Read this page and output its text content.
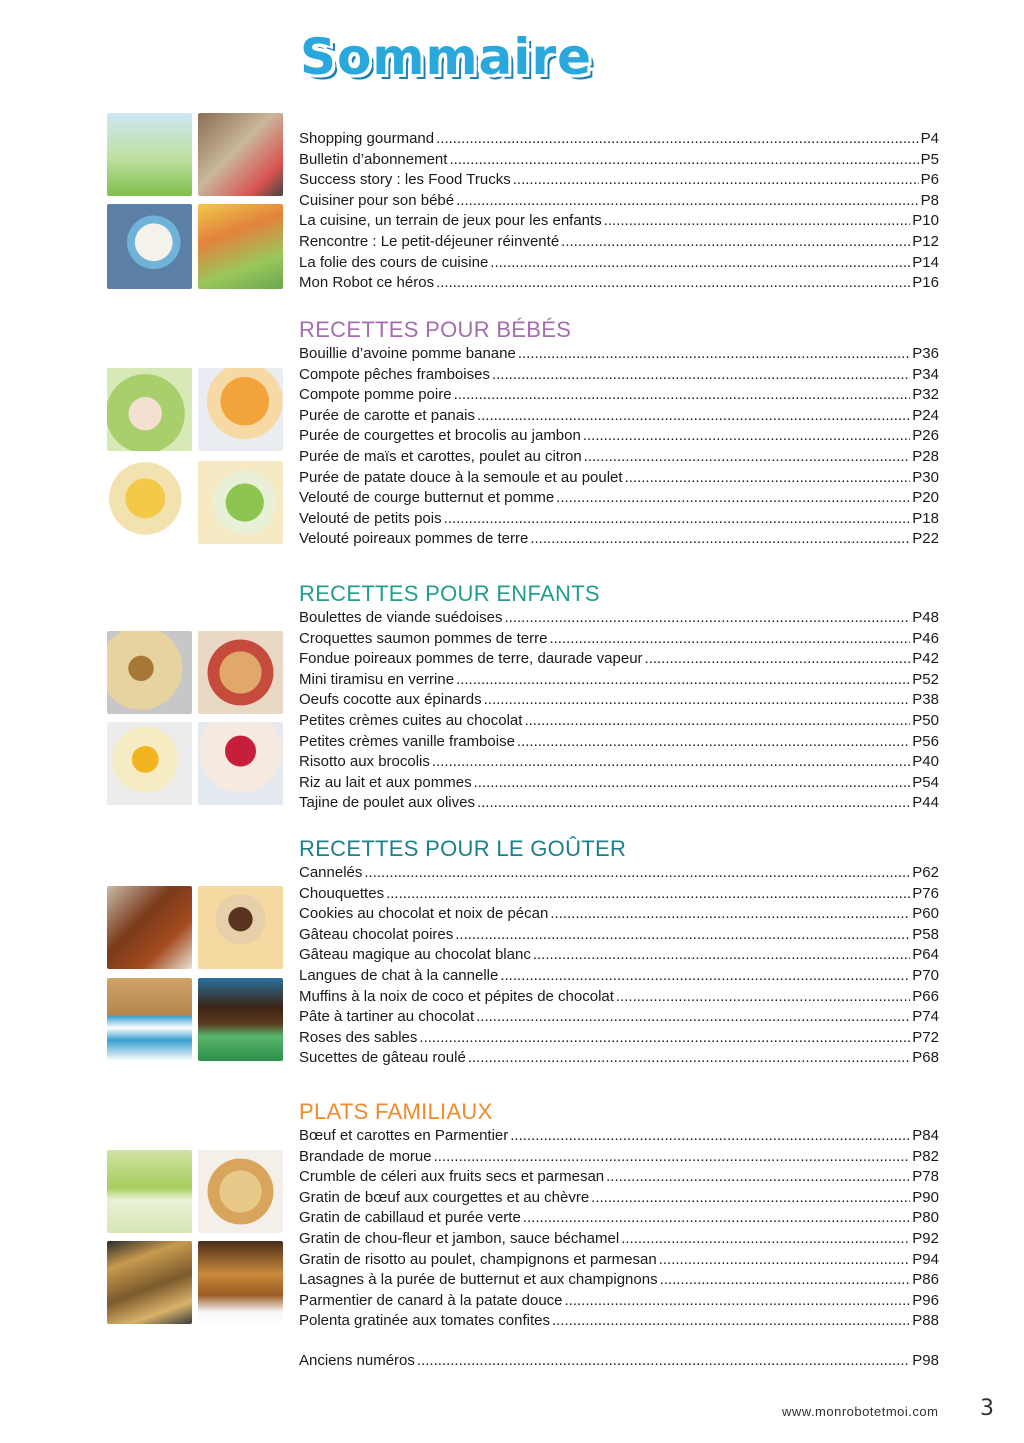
Sommaire
Shopping gourmand .....	P4
Bulletin d’abonnement .....	P5
Success story : les Food Trucks .....	P6
Cuisiner pour son bébé .....	P8
La cuisine, un terrain de jeux pour les enfants .....	P10
Rencontre : Le petit-déjeuner réinventé .....	P12
La folie des cours de cuisine .....	P14
Mon Robot ce héros .....	P16
RECETTES POUR BÉBÉS
Bouillie d’avoine pomme banane .....	P36
Compote pêches framboises .....	P34
Compote pomme poire .....	P32
Purée de carotte et panais .....	P24
Purée de courgettes et brocolis au jambon .....	P26
Purée de maïs et carottes, poulet au citron .....	P28
Purée de patate douce à la semoule et au poulet .....	P30
Velouté de courge butternut et pomme .....	P20
Velouté de petits pois .....	P18
Velouté poireaux pommes de terre .....	P22
RECETTES POUR ENFANTS
Boulettes de viande suédoises .....	P48
Croquettes saumon pommes de terre .....	P46
Fondue poireaux pommes de terre, daurade vapeur .....	P42
Mini tiramisu en verrine .....	P52
Oeufs cocotte aux épinards .....	P38
Petites crèmes cuites au chocolat .....	P50
Petites crèmes vanille framboise .....	P56
Risotto aux brocolis .....	P40
Riz au lait et aux pommes .....	P54
Tajine de poulet aux olives .....	P44
RECETTES POUR LE GOÛTER
Cannelés .....	P62
Chouquettes .....	P76
Cookies au chocolat et noix de pécan .....	P60
Gâteau chocolat poires .....	P58
Gâteau magique au chocolat blanc .....	P64
Langues de chat à la cannelle .....	P70
Muffins à la noix de coco et pépites de chocolat .....	P66
Pâte à tartiner au chocolat .....	P74
Roses des sables .....	P72
Sucettes de gâteau roulé .....	P68
PLATS FAMILIAUX
Bœuf et carottes en Parmentier .....	P84
Brandade de morue .....	P82
Crumble de céleri aux fruits secs et parmesan .....	P78
Gratin de bœuf aux courgettes et au chèvre .....	P90
Gratin de cabillaud et purée verte .....	P80
Gratin de chou-fleur et jambon, sauce béchamel .....	P92
Gratin de risotto au poulet, champignons et parmesan .....	P94
Lasagnes à la purée de butternut et aux champignons .....	P86
Parmentier de canard à la patate douce .....	P96
Polenta gratinée aux tomates confites .....	P88
Anciens numéros .....	P98
www.monrobotetmoi.com 3
